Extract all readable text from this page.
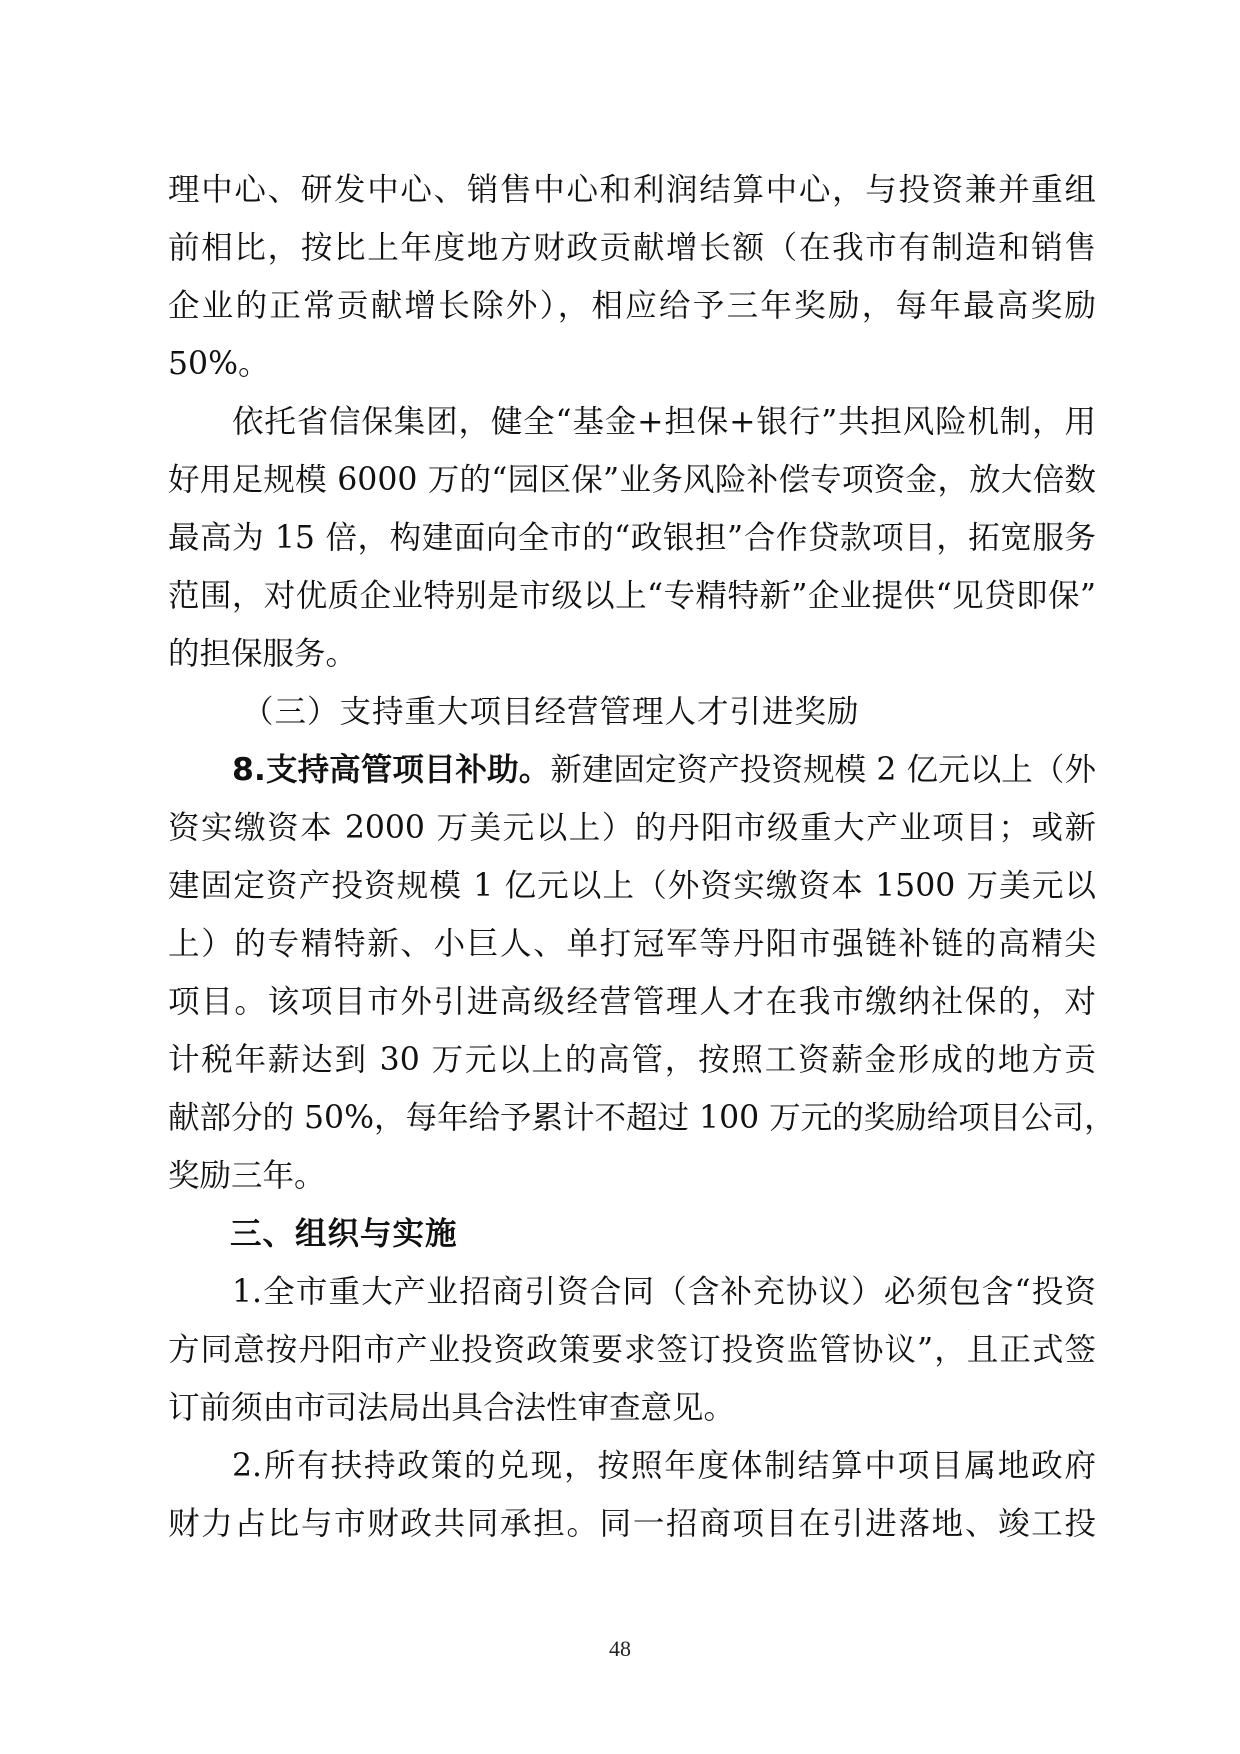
理中心、研发中心、销售中心和利润结算中心，与投资兼并重组
前相比，按比上年度地方财政贡献增长额（在我市有制造和销售
企业的正常贡献增长除外），相应给予三年奖励，每年最高奖励
50%。
依托省信保集团，健全“基金+担保+银行”共担风险机制，用
好用足规模 6000 万的“园区保”业务风险补偿专项资金，放大倍数
最高为 15 倍，构建面向全市的“政银担”合作贷款项目，拓宽服务
范围，对优质企业特别是市级以上“专精特新”企业提供“见贷即保”
的担保服务。
（三）支持重大项目经营管理人才引进奖励
8.支持高管项目补助。新建固定资产投资规模 2 亿元以上（外
资实缴资本 2000 万美元以上）的丹阳市级重大产业项目；或新
建固定资产投资规模 1 亿元以上（外资实缴资本 1500 万美元以
上）的专精特新、小巨人、单打冠军等丹阳市强链补链的高精尖
项目。该项目市外引进高级经营管理人才在我市缴纳社保的，对
计税年薪达到 30 万元以上的高管，按照工资薪金形成的地方贡
献部分的 50%，每年给予累计不超过 100 万元的奖励给项目公司，
奖励三年。
三、组织与实施
1.全市重大产业招商引资合同（含补充协议）必须包含“投资
方同意按丹阳市产业投资政策要求签订投资监管协议”，且正式签
订前须由市司法局出具合法性审查意见。
2.所有扶持政策的兑现，按照年度体制结算中项目属地政府
财力占比与市财政共同承担。同一招商项目在引进落地、竣工投
48
